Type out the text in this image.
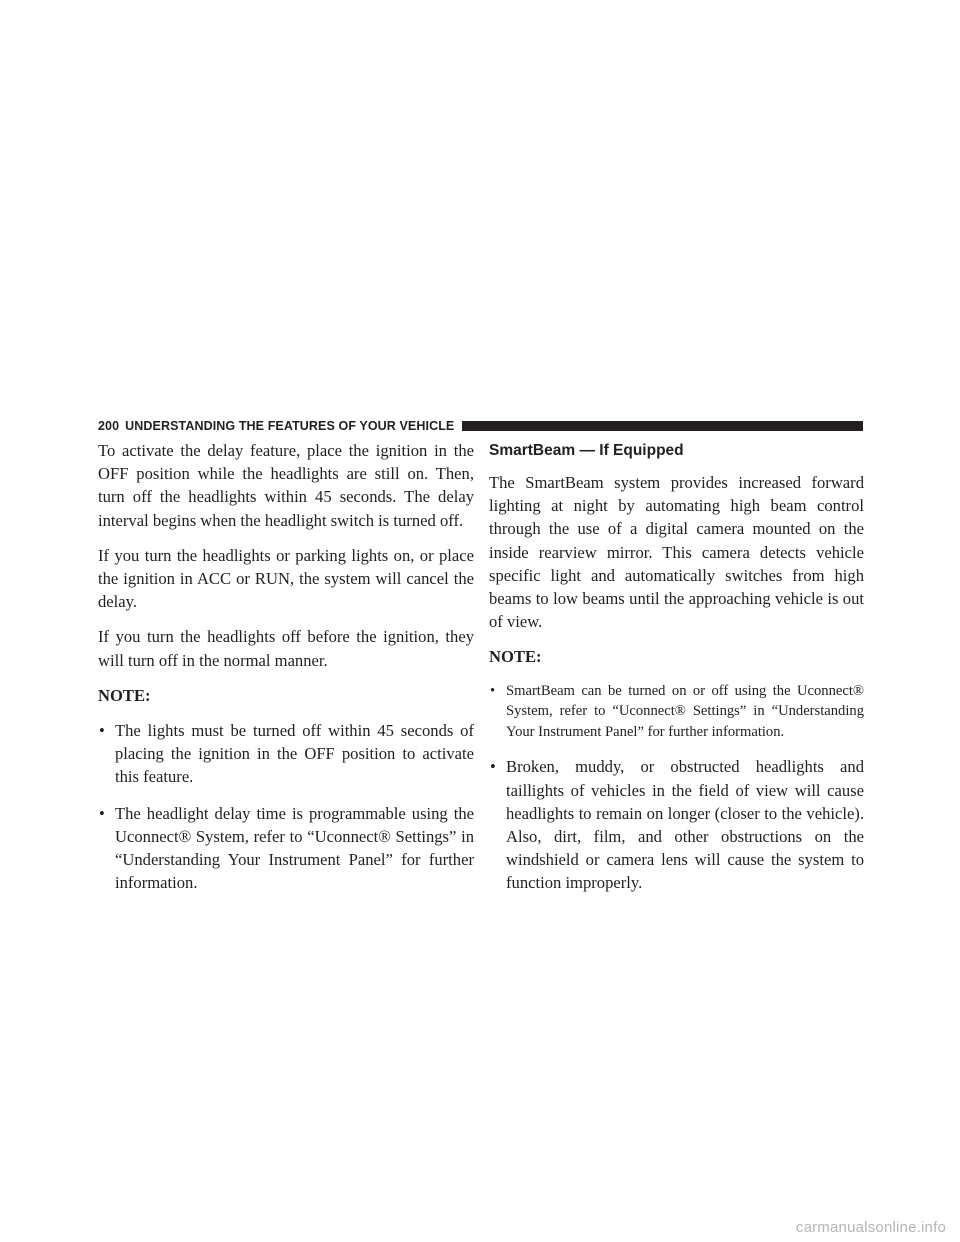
200 UNDERSTANDING THE FEATURES OF YOUR VEHICLE

To activate the delay feature, place the ignition in the OFF position while the headlights are still on. Then, turn off the headlights within 45 seconds. The delay interval begins when the headlight switch is turned off.

If you turn the headlights or parking lights on, or place the ignition in ACC or RUN, the system will cancel the delay.

If you turn the headlights off before the ignition, they will turn off in the normal manner.

NOTE:
• The lights must be turned off within 45 seconds of placing the ignition in the OFF position to activate this feature.
• The headlight delay time is programmable using the Uconnect® System, refer to “Uconnect® Settings” in “Understanding Your Instrument Panel” for further information.
SmartBeam — If Equipped

The SmartBeam system provides increased forward lighting at night by automating high beam control through the use of a digital camera mounted on the inside rearview mirror. This camera detects vehicle specific light and automatically switches from high beams to low beams until the approaching vehicle is out of view.

NOTE:
• SmartBeam can be turned on or off using the Uconnect® System, refer to “Uconnect® Settings” in “Understanding Your Instrument Panel” for further information.
• Broken, muddy, or obstructed headlights and taillights of vehicles in the field of view will cause headlights to remain on longer (closer to the vehicle). Also, dirt, film, and other obstructions on the windshield or camera lens will cause the system to function improperly.
carmanualsonline.info
